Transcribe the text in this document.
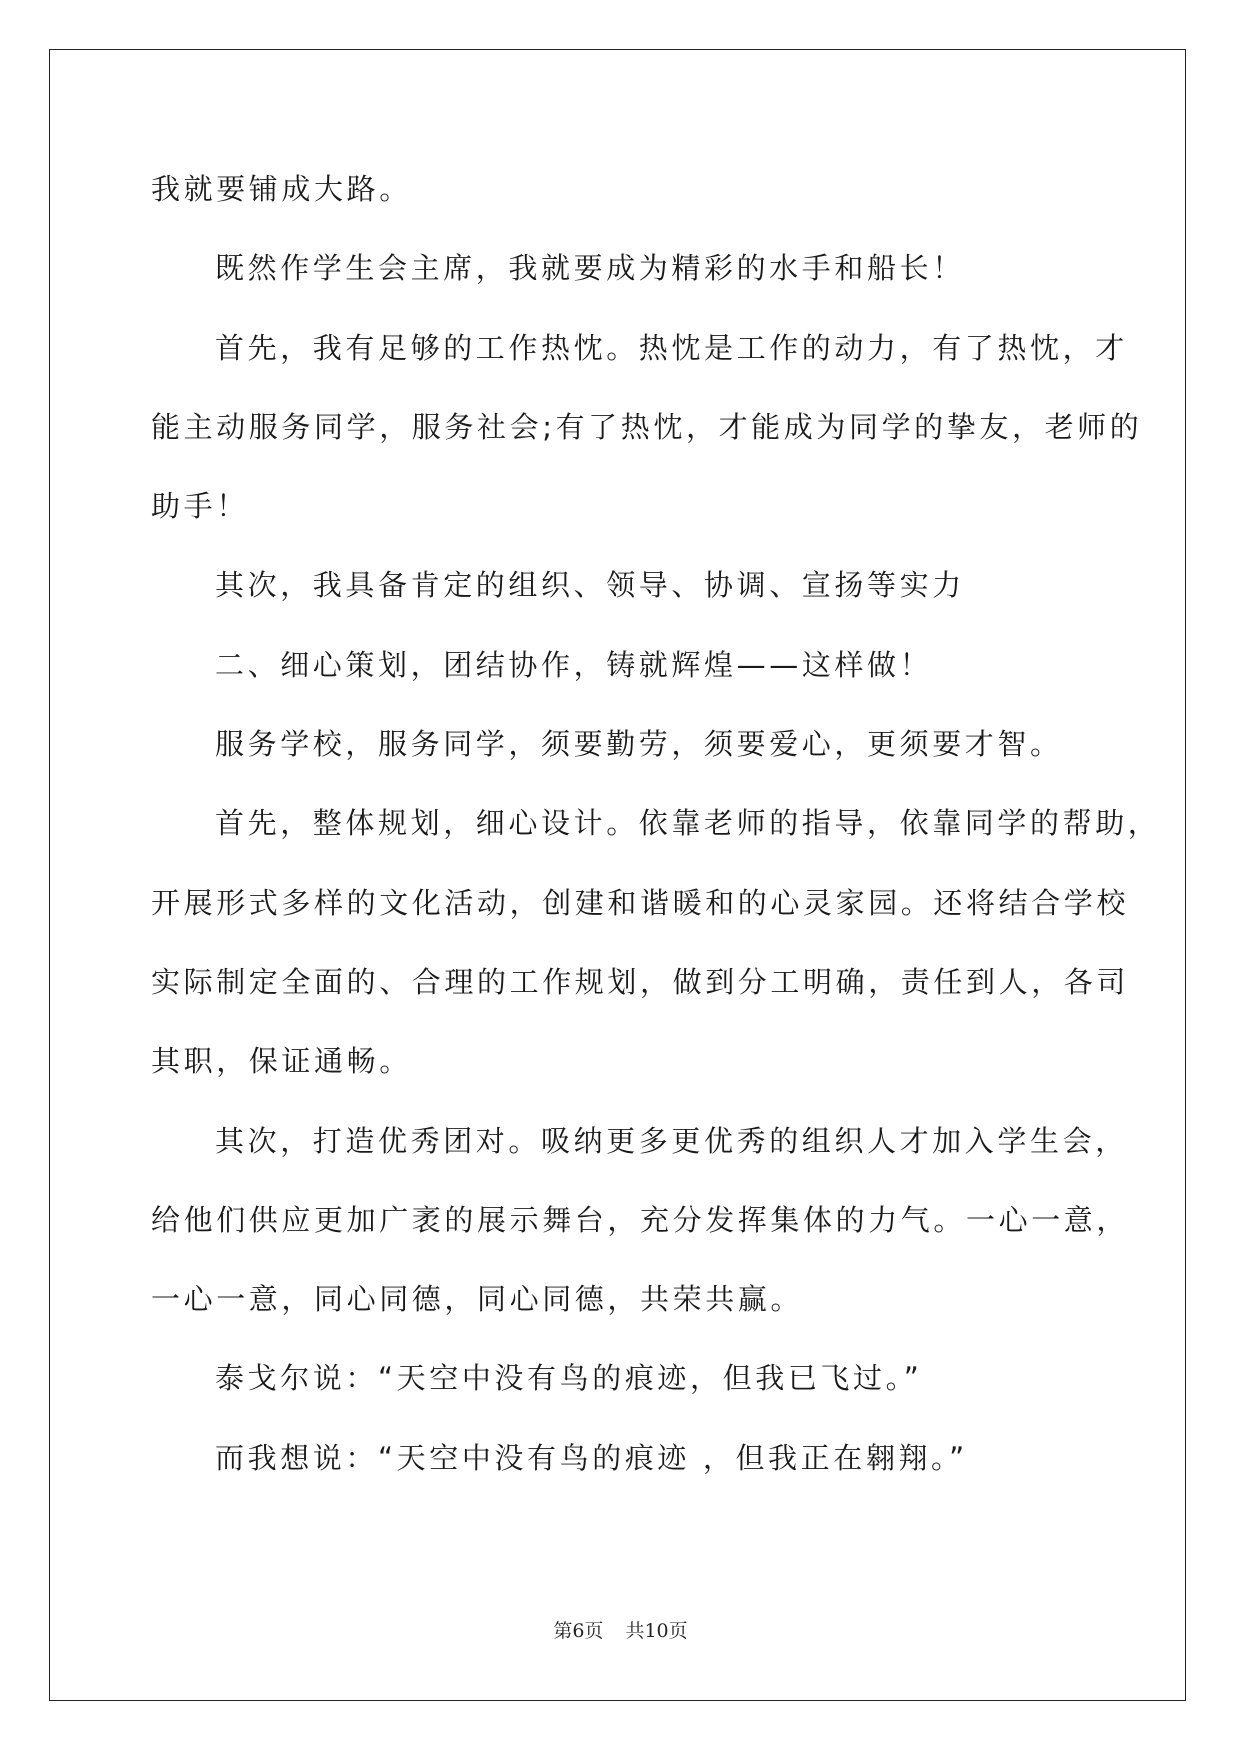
我就要铺成大路。

既然作学生会主席，我就要成为精彩的水手和船长！

首先，我有足够的工作热忱。热忱是工作的动力，有了热忱，才

能主动服务同学，服务社会;有了热忱，才能成为同学的挚友，老师的

助手！

其次，我具备肯定的组织、领导、协调、宣扬等实力

二、细心策划，团结协作，铸就辉煌——这样做！

服务学校，服务同学，须要勤劳，须要爱心，更须要才智。

首先，整体规划，细心设计。依靠老师的指导，依靠同学的帮助，

开展形式多样的文化活动，创建和谐暖和的心灵家园。还将结合学校

实际制定全面的、合理的工作规划，做到分工明确，责任到人，各司

其职，保证通畅。

其次，打造优秀团对。吸纳更多更优秀的组织人才加入学生会，

给他们供应更加广袤的展示舞台，充分发挥集体的力气。一心一意，

一心一意，同心同德，同心同德，共荣共赢。

泰戈尔说：“天空中没有鸟的痕迹，但我已飞过。”

而我想说：“天空中没有鸟的痕迹 ，但我正在翱翔。”

第6页 共10页
